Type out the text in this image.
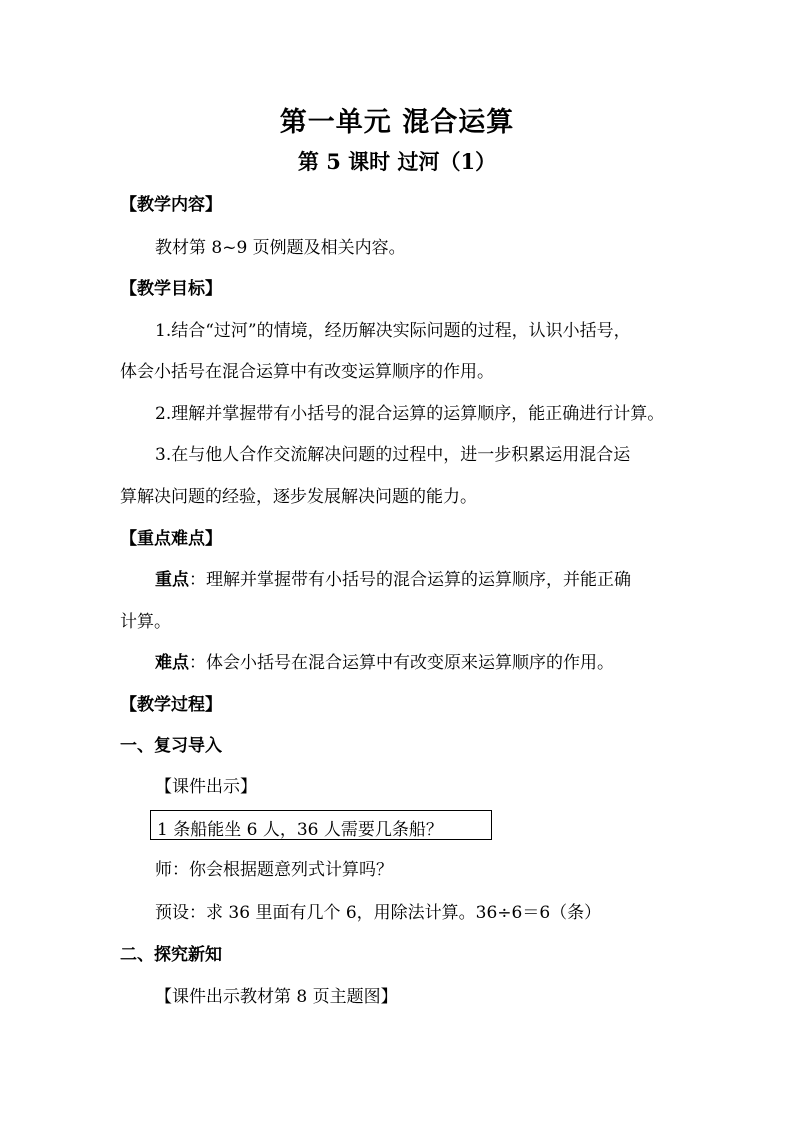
第一单元 混合运算
第 5 课时 过河（1）
【教学内容】
教材第 8~9 页例题及相关内容。
【教学目标】
1.结合“过河”的情境，经历解决实际问题的过程，认识小括号，
体会小括号在混合运算中有改变运算顺序的作用。
2.理解并掌握带有小括号的混合运算的运算顺序，能正确进行计算。
3.在与他人合作交流解决问题的过程中，进一步积累运用混合运
算解决问题的经验，逐步发展解决问题的能力。
【重点难点】
重点：理解并掌握带有小括号的混合运算的运算顺序，并能正确
计算。
难点：体会小括号在混合运算中有改变原来运算顺序的作用。
【教学过程】
一、复习导入
【课件出示】
1 条船能坐 6 人，36 人需要几条船？
师：你会根据题意列式计算吗？
预设：求 36 里面有几个 6，用除法计算。36÷6＝6（条）
二、探究新知
【课件出示教材第 8 页主题图】
